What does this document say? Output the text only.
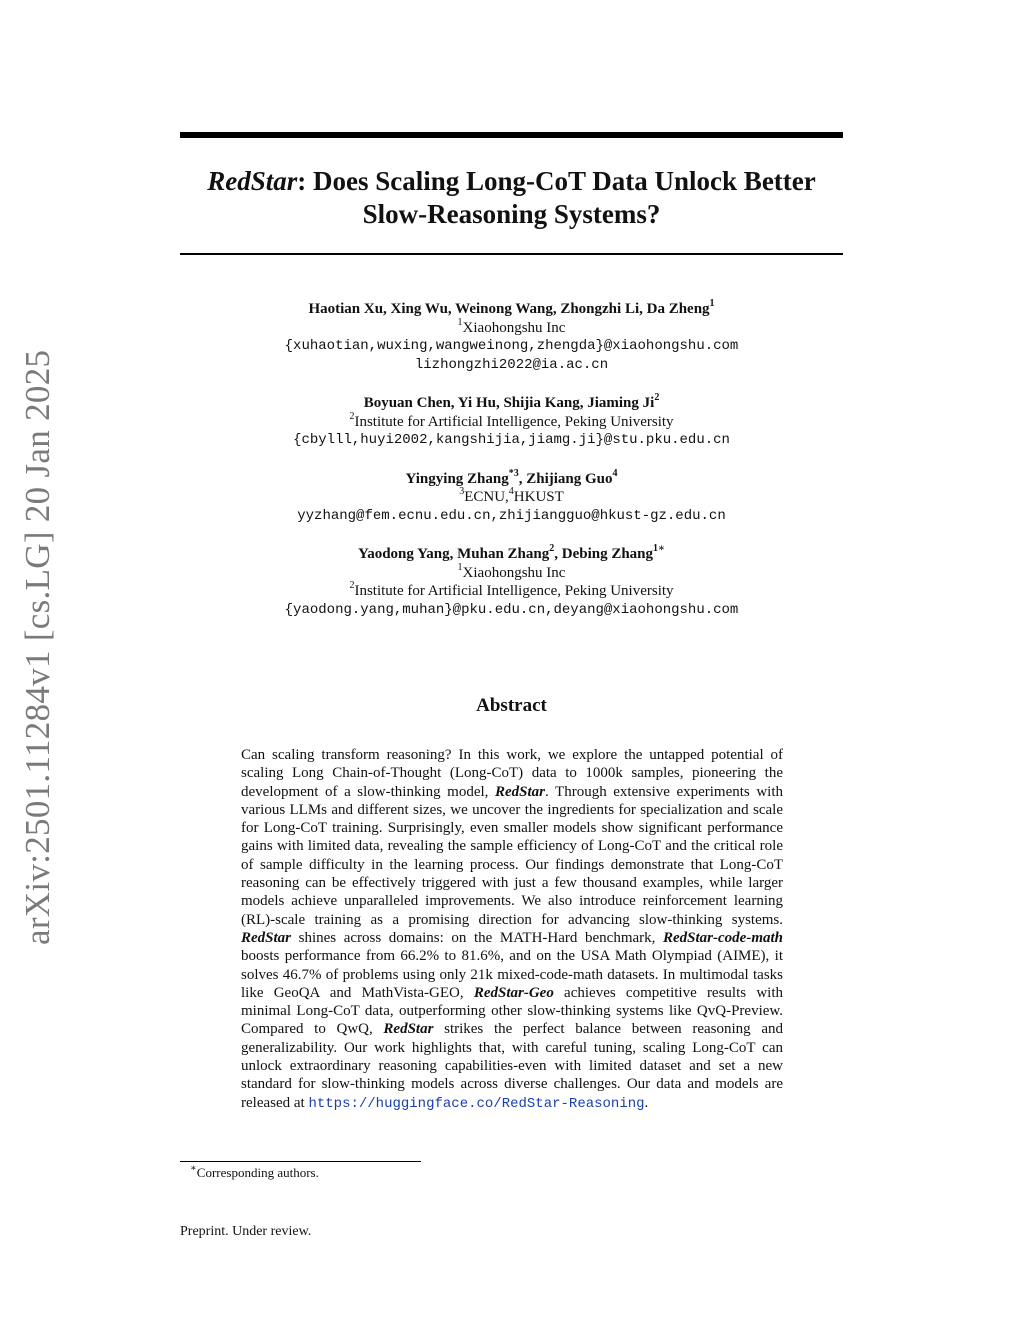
arXiv:2501.11284v1 [cs.LG] 20 Jan 2025
RedStar: Does Scaling Long-CoT Data Unlock Better
Slow-Reasoning Systems?
Haotian Xu, Xing Wu, Weinong Wang, Zhongzhi Li, Da Zheng$^1$
$^1$Xiaohongshu Inc
{xuhaotian,wuxing,wangweinong,zhengda}@xiaohongshu.com
lizhongzhi2022@ia.ac.cn
Boyuan Chen, Yi Hu, Shijia Kang, Jiaming Ji$^2$
$^2$Institute for Artificial Intelligence, Peking University
{cbylll,huyi2002,kangshijia,jiamg.ji}@stu.pku.edu.cn
Yingying Zhang$^{*3}$, Zhijiang Guo$^4$
$^3$ECNU,$^4$HKUST
yyzhang@fem.ecnu.edu.cn,zhijiangguo@hkust-gz.edu.cn
Yaodong Yang, Muhan Zhang$^2$, Debing Zhang$^{1∗}$
$^1$Xiaohongshu Inc
$^2$Institute for Artificial Intelligence, Peking University
{yaodong.yang,muhan}@pku.edu.cn,deyang@xiaohongshu.com
Abstract
Can scaling transform reasoning? In this work, we explore the untapped potential of scaling Long Chain-of-Thought (Long-CoT) data to 1000k samples, pioneering the development of a slow-thinking model, RedStar. Through extensive experiments with various LLMs and different sizes, we uncover the ingredients for specialization and scale for Long-CoT training. Surprisingly, even smaller models show significant performance gains with limited data, revealing the sample efficiency of Long-CoT and the critical role of sample difficulty in the learning process. Our findings demonstrate that Long-CoT reasoning can be effectively triggered with just a few thousand examples, while larger models achieve unparalleled improvements. We also introduce reinforcement learning (RL)-scale training as a promising direction for advancing slow-thinking systems. RedStar shines across domains: on the MATH-Hard benchmark, RedStar-code-math boosts performance from 66.2% to 81.6%, and on the USA Math Olympiad (AIME), it solves 46.7% of problems using only 21k mixed-code-math datasets. In multimodal tasks like GeoQA and MathVista-GEO, RedStar-Geo achieves competitive results with minimal Long-CoT data, outperforming other slow-thinking systems like QvQ-Preview. Compared to QwQ, RedStar strikes the perfect balance between reasoning and generalizability. Our work highlights that, with careful tuning, scaling Long-CoT can unlock extraordinary reasoning capabilities-even with limited dataset and set a new standard for slow-thinking models across diverse challenges. Our data and models are released at https://huggingface.co/RedStar-Reasoning.
∗Corresponding authors.
Preprint. Under review.
